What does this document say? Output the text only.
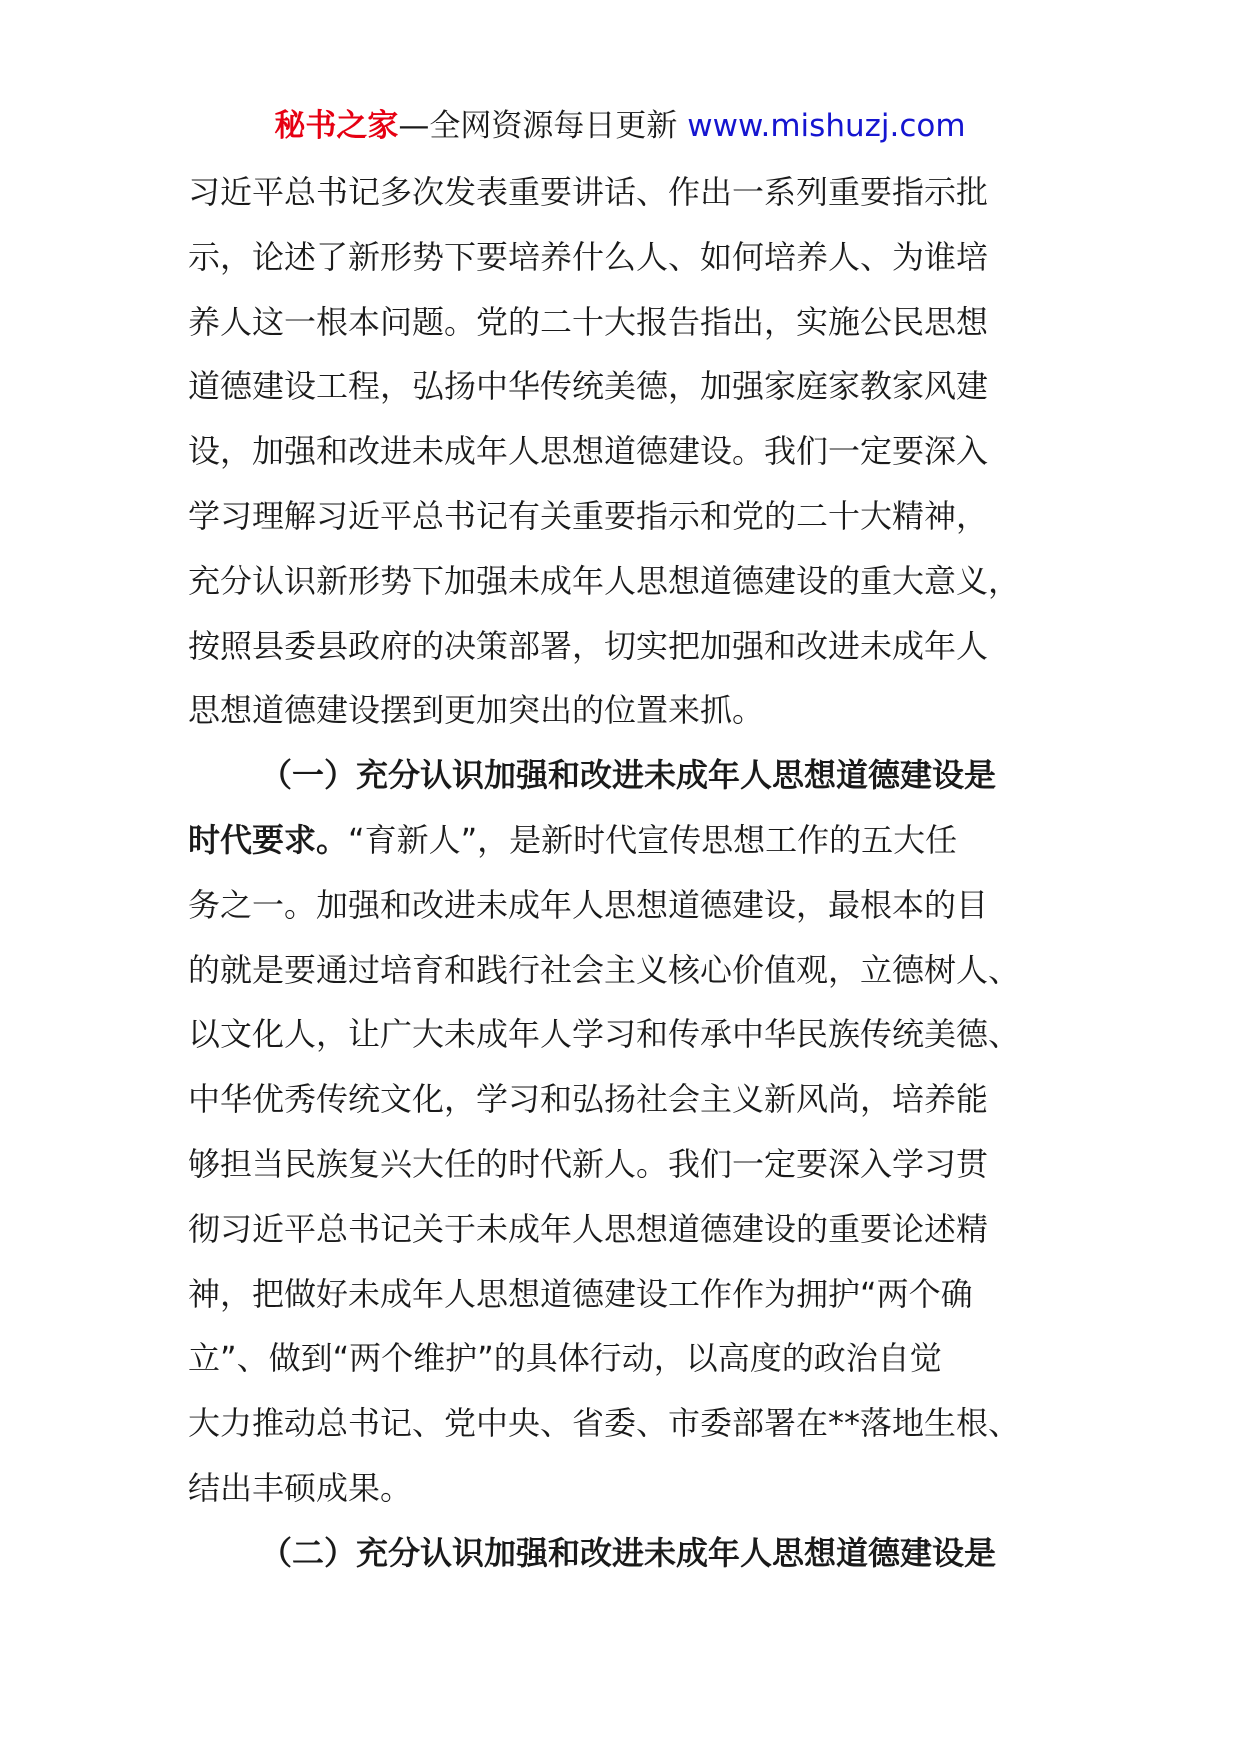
秘书之家—全网资源每日更新 www.mishuzj.com

习近平总书记多次发表重要讲话、作出一系列重要指示批
示，论述了新形势下要培养什么人、如何培养人、为谁培
养人这一根本问题。党的二十大报告指出，实施公民思想
道德建设工程，弘扬中华传统美德，加强家庭家教家风建
设，加强和改进未成年人思想道德建设。我们一定要深入
学习理解习近平总书记有关重要指示和党的二十大精神，
充分认识新形势下加强未成年人思想道德建设的重大意义，
按照县委县政府的决策部署，切实把加强和改进未成年人
思想道德建设摆到更加突出的位置来抓。

（一）充分认识加强和改进未成年人思想道德建设是
时代要求。“育新人”，是新时代宣传思想工作的五大任
务之一。加强和改进未成年人思想道德建设，最根本的目
的就是要通过培育和践行社会主义核心价值观，立德树人、
以文化人，让广大未成年人学习和传承中华民族传统美德、
中华优秀传统文化，学习和弘扬社会主义新风尚，培养能
够担当民族复兴大任的时代新人。我们一定要深入学习贯
彻习近平总书记关于未成年人思想道德建设的重要论述精
神，把做好未成年人思想道德建设工作作为拥护“两个确
立”、做到“两个维护”的具体行动，以高度的政治自觉
大力推动总书记、党中央、省委、市委部署在**落地生根、
结出丰硕成果。

（二）充分认识加强和改进未成年人思想道德建设是
